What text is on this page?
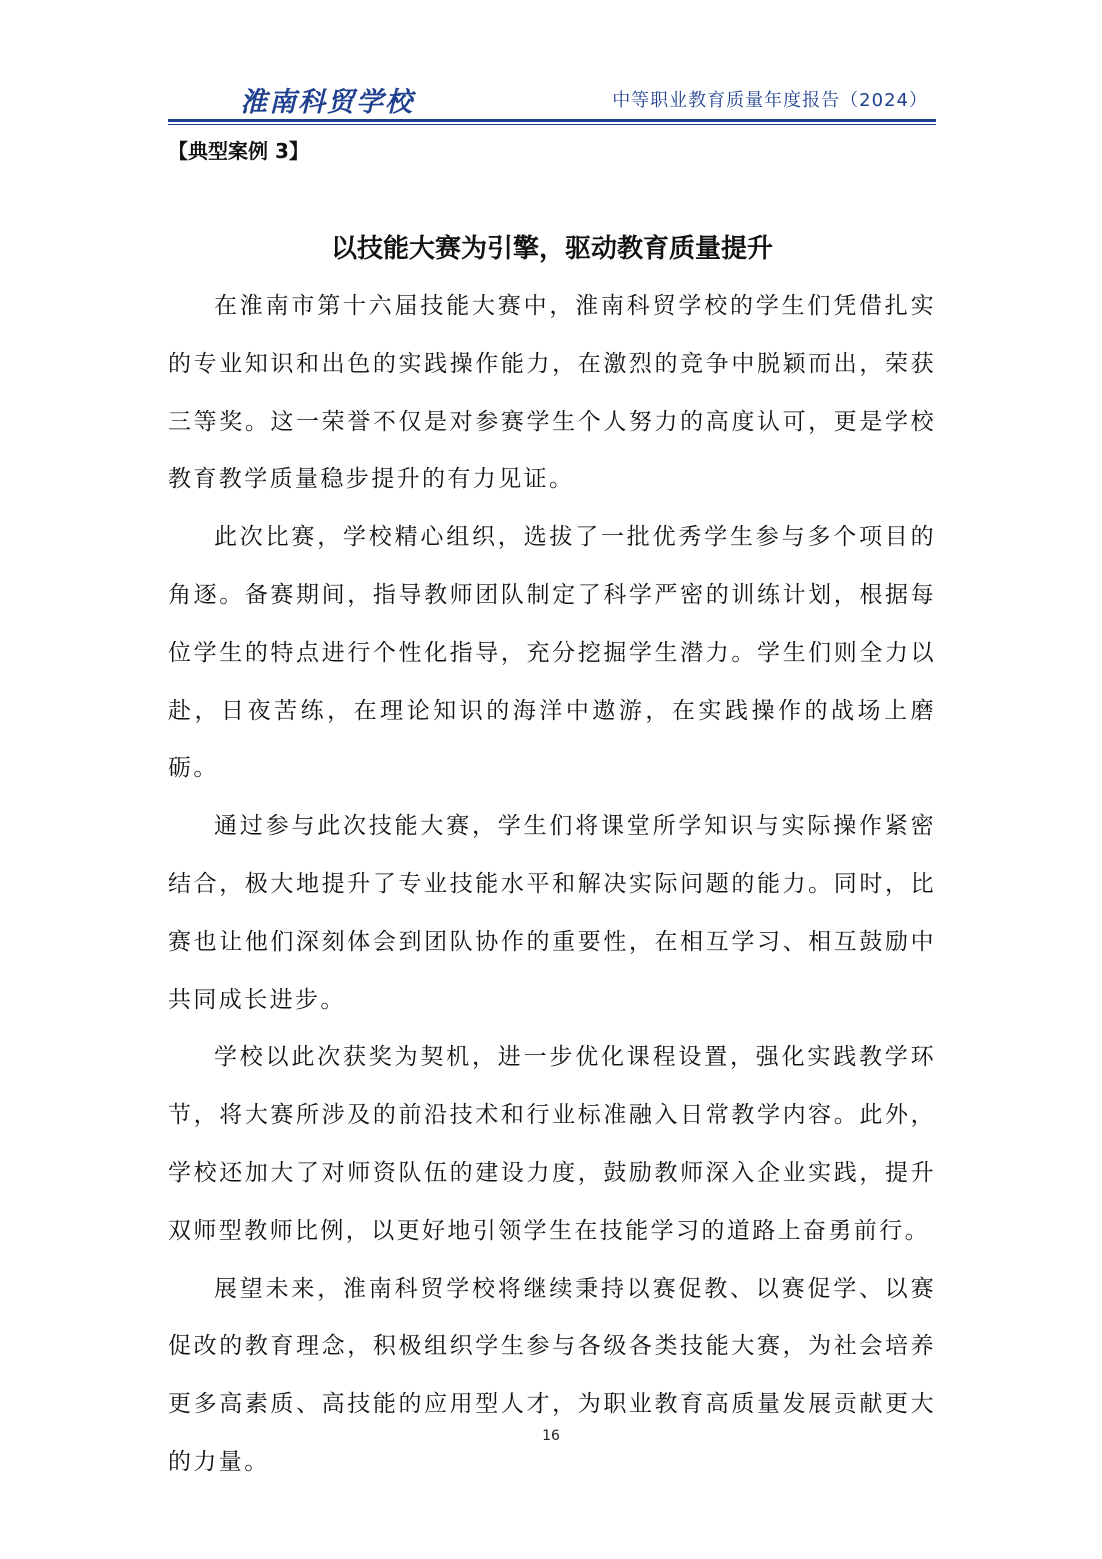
淮南科贸学校	中等职业教育质量年度报告（2024）
【典型案例 3】
以技能大赛为引擎，驱动教育质量提升

在淮南市第十六届技能大赛中，淮南科贸学校的学生们凭借扎实的专业知识和出色的实践操作能力，在激烈的竞争中脱颖而出，荣获三等奖。这一荣誉不仅是对参赛学生个人努力的高度认可，更是学校教育教学质量稳步提升的有力见证。

此次比赛，学校精心组织，选拔了一批优秀学生参与多个项目的角逐。备赛期间，指导教师团队制定了科学严密的训练计划，根据每位学生的特点进行个性化指导，充分挖掘学生潜力。学生们则全力以赴，日夜苦练，在理论知识的海洋中遨游，在实践操作的战场上磨砺。

通过参与此次技能大赛，学生们将课堂所学知识与实际操作紧密结合，极大地提升了专业技能水平和解决实际问题的能力。同时，比赛也让他们深刻体会到团队协作的重要性，在相互学习、相互鼓励中共同成长进步。

学校以此次获奖为契机，进一步优化课程设置，强化实践教学环节，将大赛所涉及的前沿技术和行业标准融入日常教学内容。此外，学校还加大了对师资队伍的建设力度，鼓励教师深入企业实践，提升双师型教师比例，以更好地引领学生在技能学习的道路上奋勇前行。

展望未来，淮南科贸学校将继续秉持以赛促教、以赛促学、以赛促改的教育理念，积极组织学生参与各级各类技能大赛，为社会培养更多高素质、高技能的应用型人才，为职业教育高质量发展贡献更大的力量。

16
